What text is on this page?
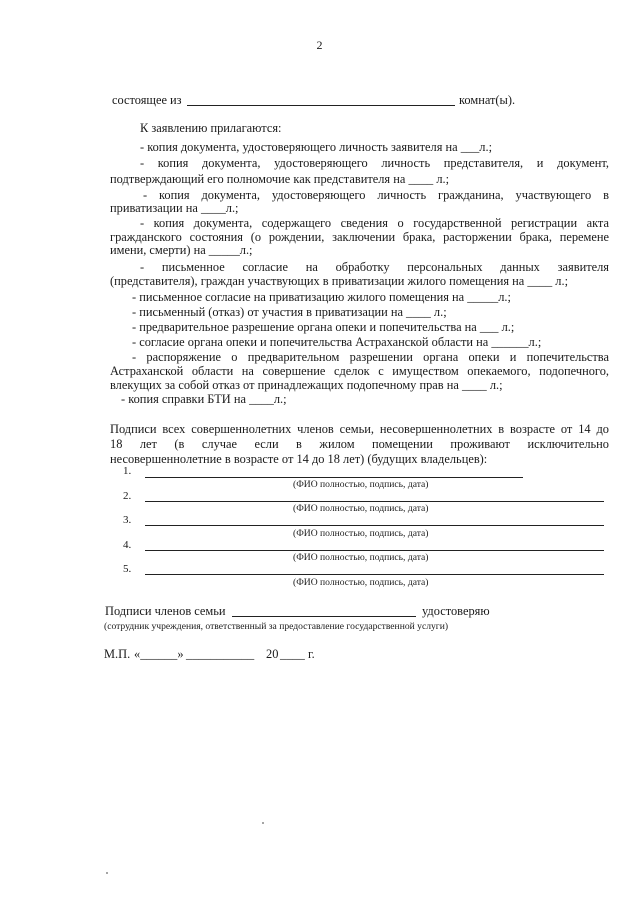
2
состоящее из	комнат(ы).
К заявлению прилагаются:
- копия документа, удостоверяющего личность заявителя на ___л.;
- копия документа, удостоверяющего личность представителя, и документ,
подтверждающий его полномочие как представителя на ____ л.;
- копия документа, удостоверяющего личность гражданина, участвующего в
приватизации на ____л.;
- копия документа, содержащего сведения о государственной регистрации акта
гражданского состояния (о рождении, заключении брака, расторжении брака, перемене
имени, смерти) на _____л.;
- письменное согласие на обработку персональных данных заявителя
(представителя), граждан участвующих в приватизации жилого помещения на ____ л.;
- письменное согласие на приватизацию жилого помещения на _____л.;
- письменный (отказ) от участия в приватизации на ____ л.;
- предварительное разрешение органа опеки и попечительства на ___ л.;
- согласие органа опеки и попечительства Астраханской области на ______л.;
- распоряжение о предварительном разрешении органа опеки и попечительства
Астраханской области на совершение сделок с имуществом опекаемого, подопечного,
влекущих за собой отказ от принадлежащих подопечному прав на ____ л.;
- копия справки БТИ на ____л.;
Подписи всех совершеннолетних членов семьи, несовершеннолетних в возрасте от 14 до
18 лет (в случае если в жилом помещении проживают исключительно
несовершеннолетние в возрасте от 14 до 18 лет) (будущих владельцев):
1.
(ФИО полностью, подпись, дата)
2.
(ФИО полностью, подпись, дата)
3.
(ФИО полностью, подпись, дата)
4.
(ФИО полностью, подпись, дата)
5.
(ФИО полностью, подпись, дата)
Подписи членов семьи	удостоверяю
(сотрудник учреждения, ответственный за предоставление государственной услуги)
М.П. «______» ___________ 20 ____ г.
